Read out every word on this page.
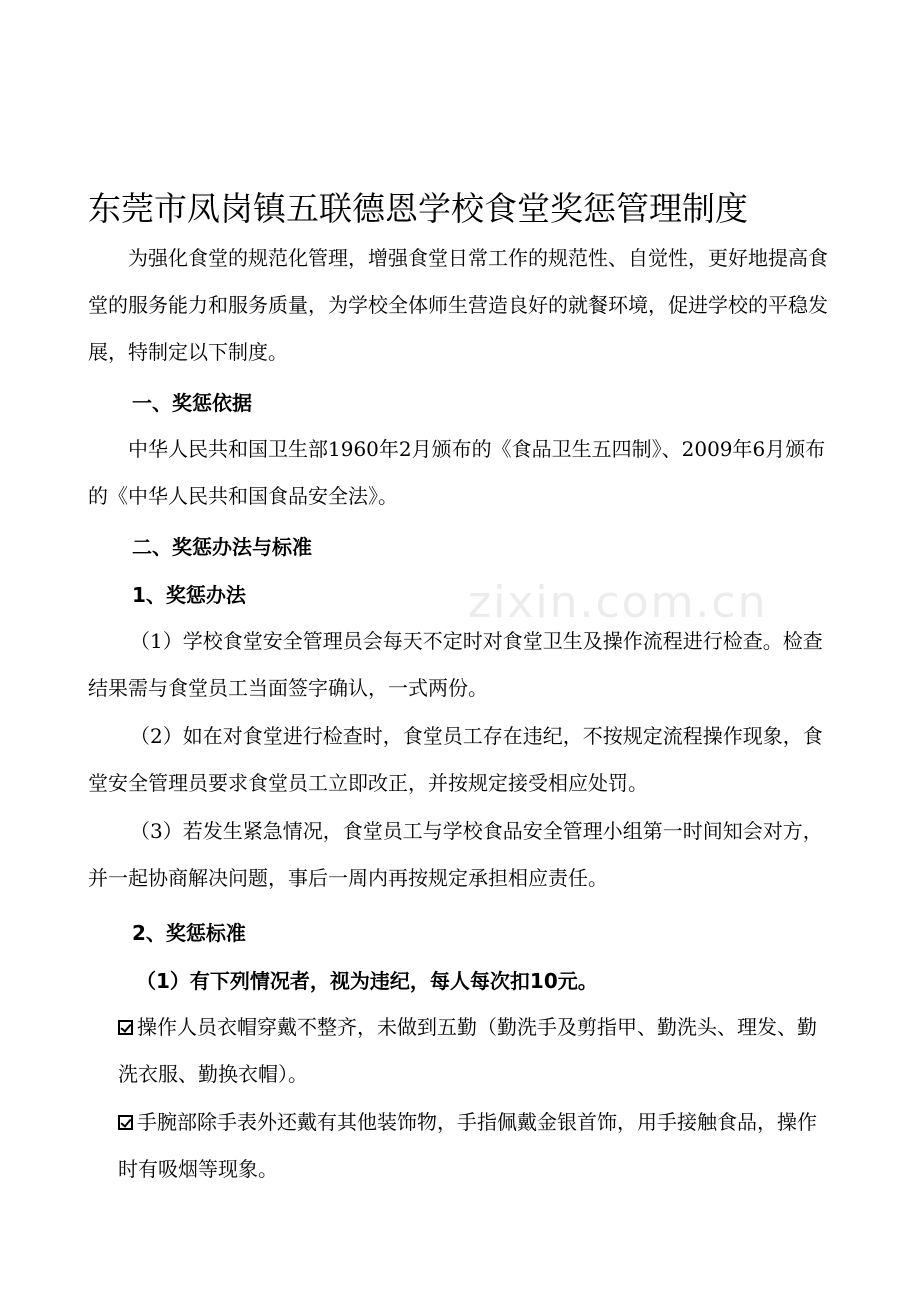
东莞市凤岗镇五联德恩学校食堂奖惩管理制度

为强化食堂的规范化管理，增强食堂日常工作的规范性、自觉性，更好地提高食堂的服务能力和服务质量，为学校全体师生营造良好的就餐环境，促进学校的平稳发展，特制定以下制度。

一、奖惩依据

中华人民共和国卫生部1960年2月颁布的《食品卫生五四制》、2009年6月颁布的《中华人民共和国食品安全法》。

二、奖惩办法与标准

1、奖惩办法

（1）学校食堂安全管理员会每天不定时对食堂卫生及操作流程进行检查。检查结果需与食堂员工当面签字确认，一式两份。

（2）如在对食堂进行检查时，食堂员工存在违纪，不按规定流程操作现象，食堂安全管理员要求食堂员工立即改正，并按规定接受相应处罚。

（3）若发生紧急情况，食堂员工与学校食品安全管理小组第一时间知会对方，并一起协商解决问题，事后一周内再按规定承担相应责任。

2、奖惩标准

（1）有下列情况者，视为违纪，每人每次扣10元。

操作人员衣帽穿戴不整齐，未做到五勤（勤洗手及剪指甲、勤洗头、理发、勤洗衣服、勤换衣帽）。

手腕部除手表外还戴有其他装饰物，手指佩戴金银首饰，用手接触食品，操作时有吸烟等现象。

zixin.com.cn
